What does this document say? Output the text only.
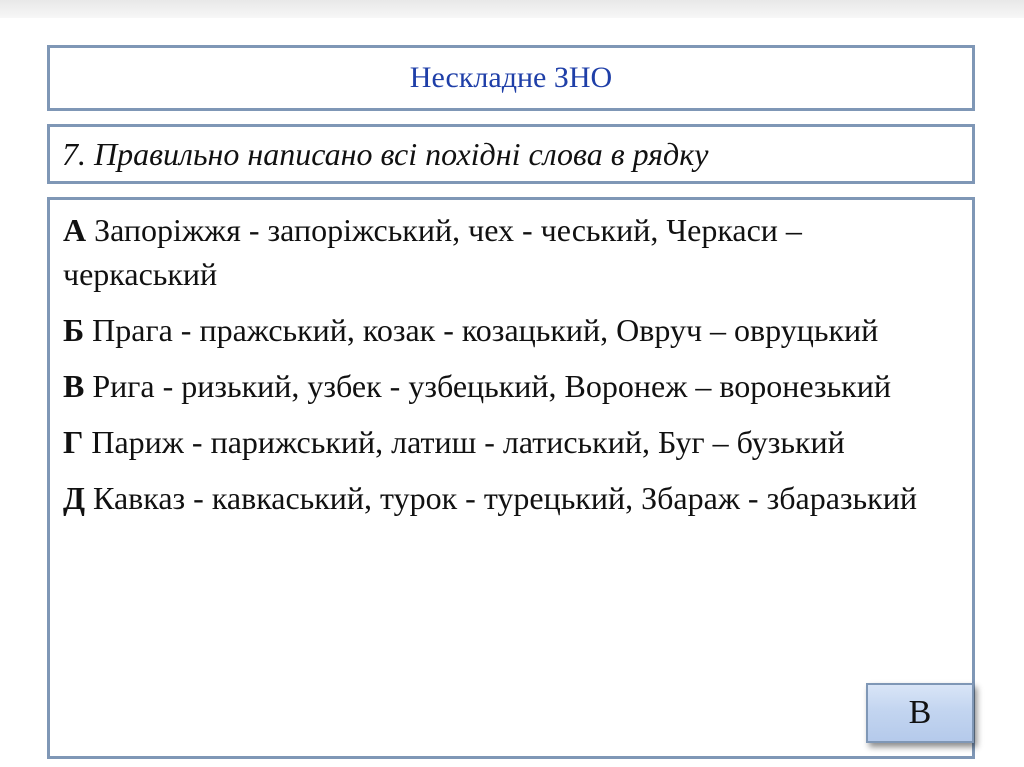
Нескладне ЗНО
7. Правильно написано всі похідні слова в рядку
А Запоріжжя - запоріжський, чех - чеський, Черкаси – черкаський
Б Прага - пражський, козак - козацький, Овруч – овруцький
В Рига - ризький, узбек - узбецький, Воронеж – воронезький
Г Париж - парижський, латиш - латиський, Буг – бузький
Д Кавказ - кавкаський, турок - турецький, Збараж - збаразький
В
